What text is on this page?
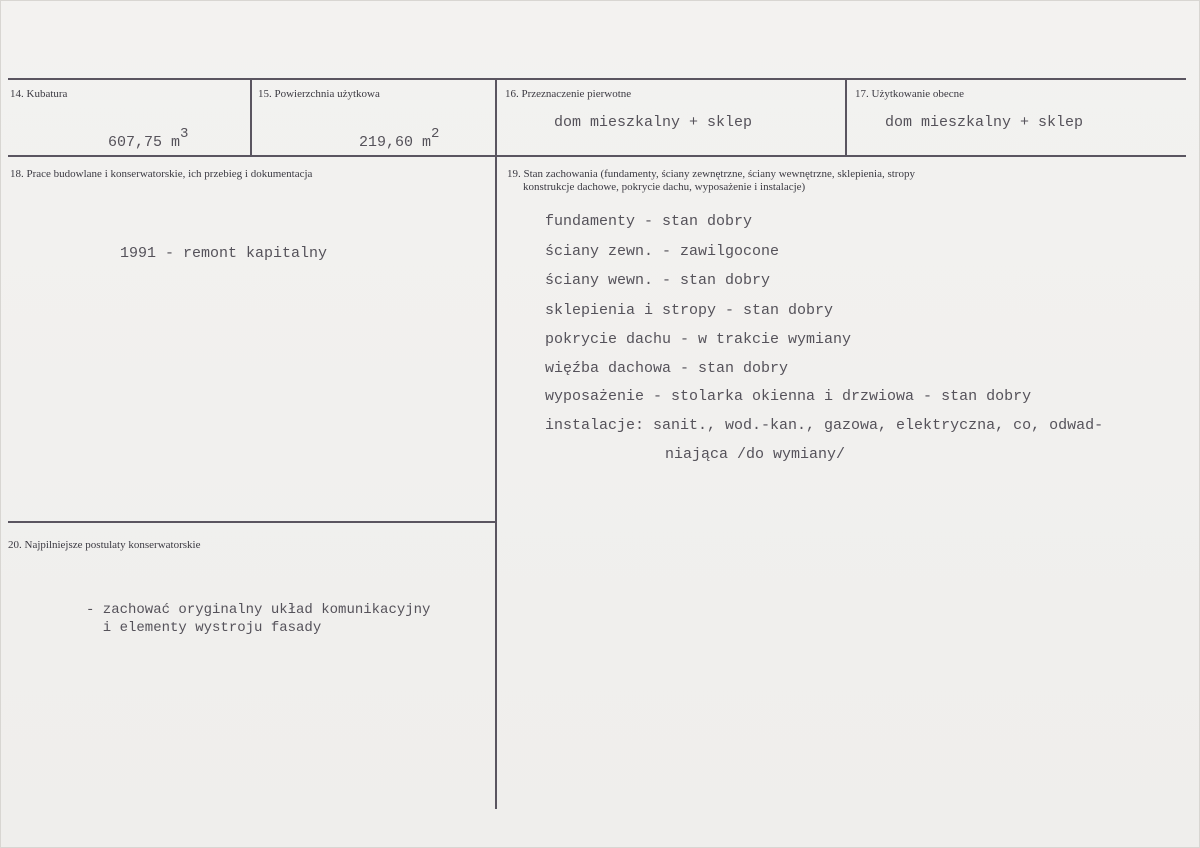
14. Kubatura

607,75 m3

15. Powierzchnia użytkowa

219,60 m2

16. Przeznaczenie pierwotne
dom mieszkalny + sklep
17. Użytkowanie obecne
dom mieszkalny + sklep
18. Prace budowlane i konserwatorskie, ich przebieg i dokumentacja
1991 - remont kapitalny
19. Stan zachowania (fundamenty, ściany zewnętrzne, ściany wewnętrzne, sklepienia, stropy
konstrukcje dachowe, pokrycie dachu, wyposażenie i instalacje)
fundamenty - stan dobry
ściany zewn. - zawilgocone
ściany wewn. - stan dobry
sklepienia i stropy - stan dobry
pokrycie dachu - w trakcie wymiany
więźba dachowa - stan dobry
wyposażenie - stolarka okienna i drzwiowa - stan dobry
instalacje: sanit., wod.-kan., gazowa, elektryczna, co, odwad-
niająca /do wymiany/
20. Najpilniejsze postulaty konserwatorskie
- zachować oryginalny układ komunikacyjny
i elementy wystroju fasady
